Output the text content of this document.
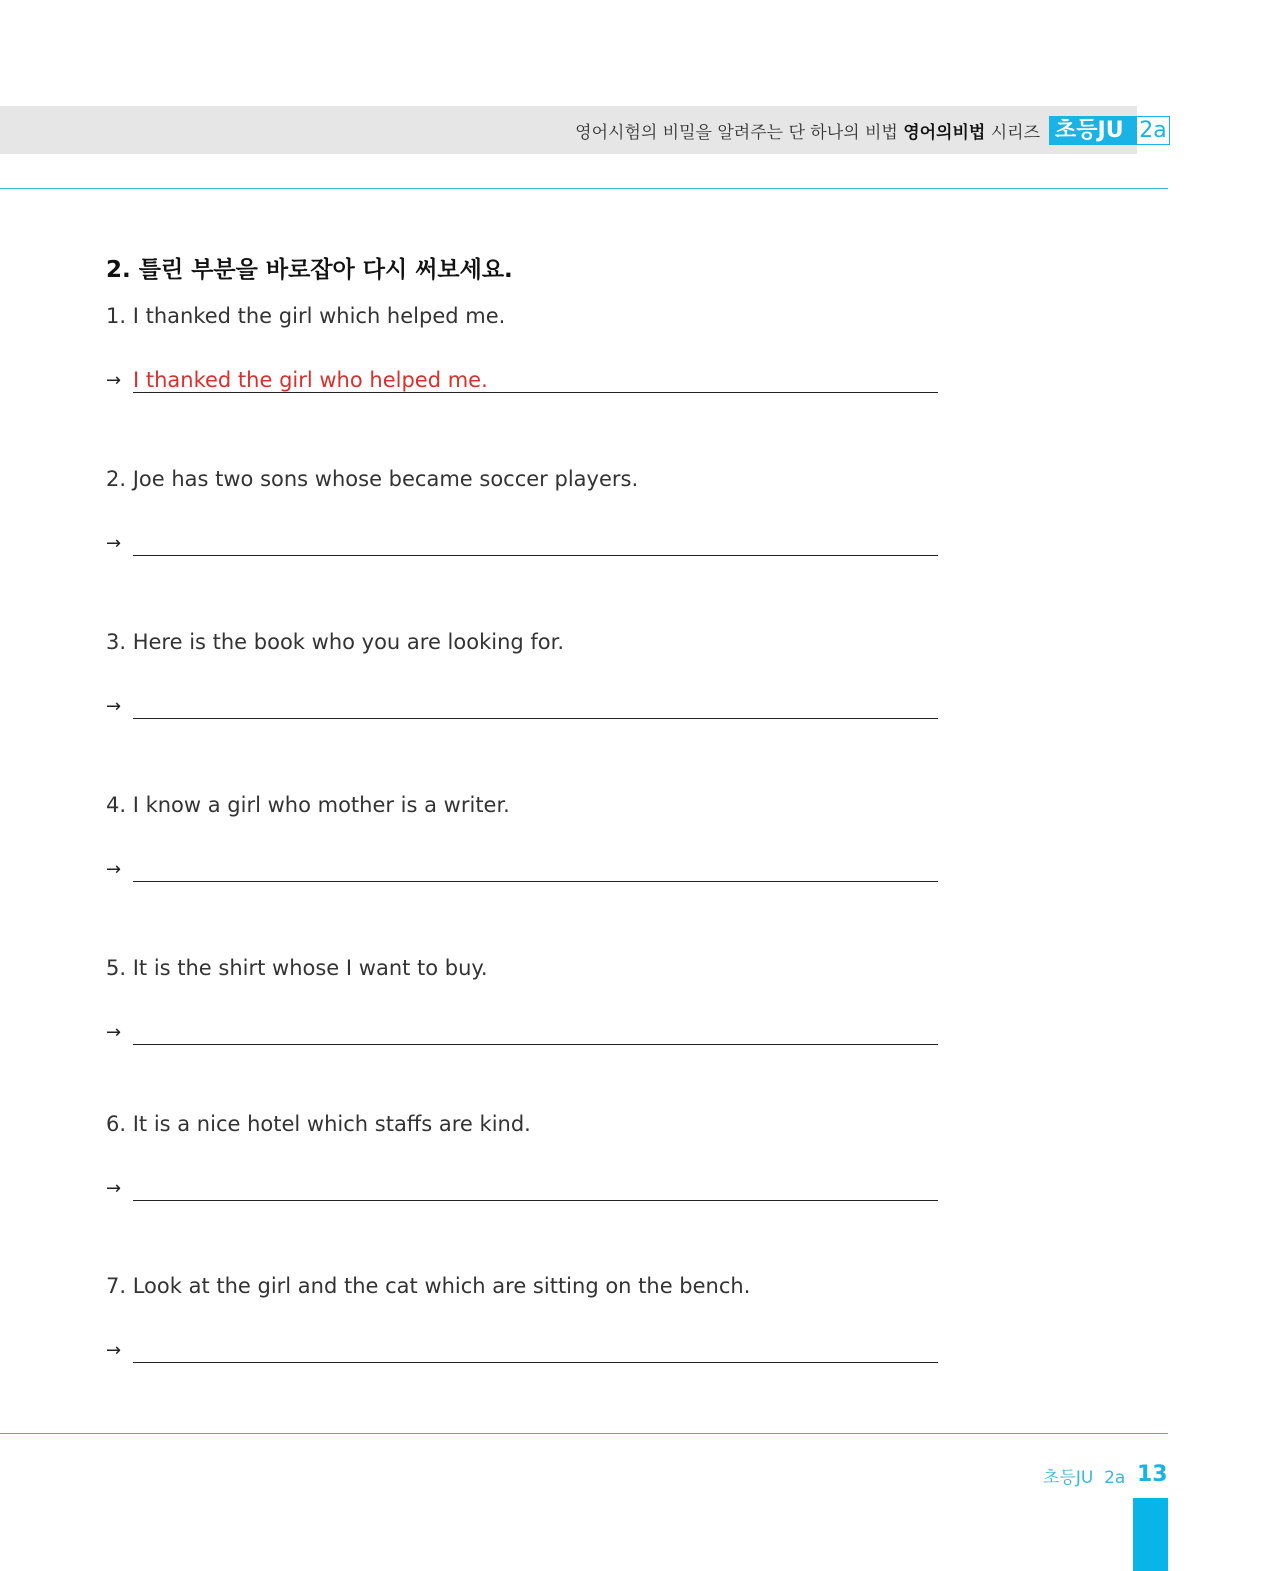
영어시험의 비밀을 알려주는 단 하나의 비법 영어의비법 시리즈 초등JU 2a
2. 틀린 부분을 바로잡아 다시 써보세요.
1. I thanked the girl which helped me.
→ I thanked the girl who helped me.
2. Joe has two sons whose became soccer players.
→
3. Here is the book who you are looking for.
→
4. I know a girl who mother is a writer.
→
5. It is the shirt whose I want to buy.
→
6. It is a nice hotel which staffs are kind.
→
7. Look at the girl and the cat which are sitting on the bench.
→
초등JU  2a 13
